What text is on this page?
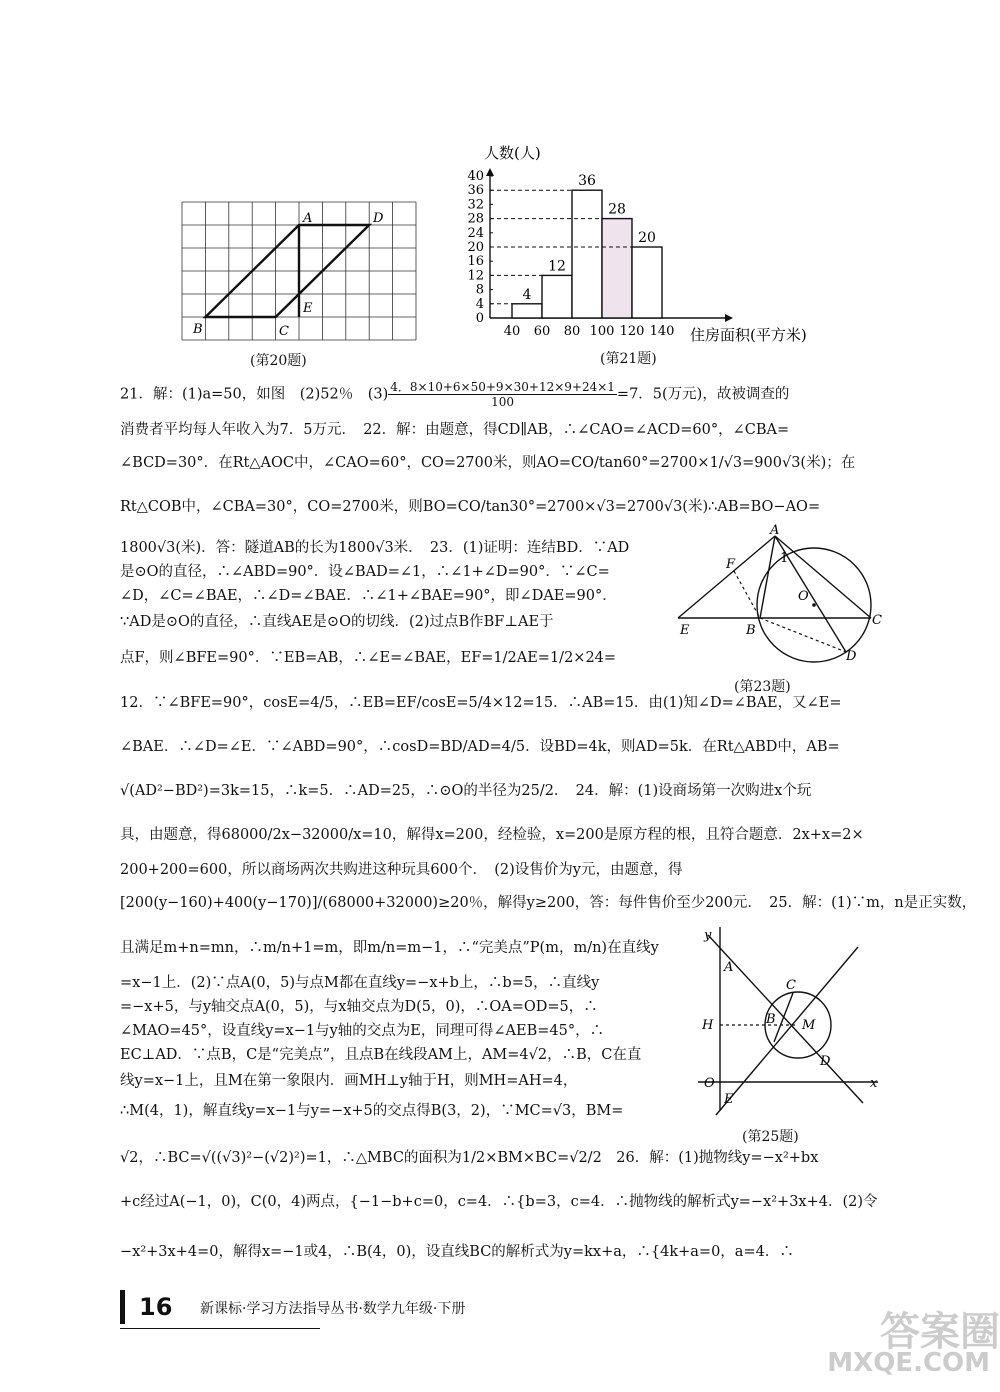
A	D
E
B	C
(第20题)
人数(人)
住房面积(平方米)
0
4
8
12
16
20
24
28
32
36
40
40 60 80 100 120 140
4
12
36
28
20
(第21题)
A
F	1
O
E	B
C
D
(第23题)
y
A
C
H	B M
D
O
E
x
(第25题)
21．解：(1)a=50，如图　(2)52％　$(3) \frac{4.8\times 10+6\times 50+9\times 30+12\times 9+24\times 1}{100} =7$．5(万元)，故被调查的
消费者平均每人年收入为7．5万元．　22．解：由题意，得CD∥AB，∴∠CAO=∠ACD=60°，∠CBA=
∠BCD=30°．在Rt△AOC中，∠CAO=60°，CO=2700米，则AO=CO/tan60°=2700×1/√3=900√3(米)；在
Rt△COB中，∠CBA=30°，CO=2700米，则BO=CO/tan30°=2700×√3=2700√3(米)∴AB=BO−AO=
1800√3(米)．答：隧道AB的长为1800√3米．　23．(1)证明：连结BD．∵AD
是⊙O的直径，∴∠ABD=90°．设∠BAD=∠1，∴∠1+∠D=90°．∵∠C=
∠D，∠C=∠BAE，∴∠D=∠BAE．∴∠1+∠BAE=90°，即∠DAE=90°．
∵AD是⊙O的直径，∴直线AE是⊙O的切线．(2)过点B作BF⊥AE于
点F，则∠BFE=90°．∵EB=AB，∴∠E=∠BAE，EF=1/2AE=1/2×24=
12．∵∠BFE=90°，cosE=4/5，∴EB=EF/cosE=5/4×12=15．∴AB=15．由(1)知∠D=∠BAE，又∠E=
∠BAE．∴∠D=∠E．∵∠ABD=90°，∴cosD=BD/AD=4/5．设BD=4k，则AD=5k．在Rt△ABD中，AB=
√(AD²−BD²)=3k=15，∴k=5．∴AD=25，∴⊙O的半径为25/2．　24．解：(1)设商场第一次购进x个玩
具，由题意，得68000/2x−32000/x=10，解得x=200，经检验，x=200是原方程的根，且符合题意．2x+x=2×
200+200=600，所以商场两次共购进这种玩具600个．　(2)设售价为y元，由题意，得
[200(y−160)+400(y−170)]/(68000+32000)≥20％，解得y≥200，答：每件售价至少200元．　25．解：(1)∵m，n是正实数，
且满足m+n=mn，∴m/n+1=m，即m/n=m−1，∴“完美点”P(m，m/n)在直线y
=x−1上．(2)∵点A(0，5)与点M都在直线y=−x+b上，∴b=5，∴直线y
=−x+5，与y轴交点A(0，5)，与x轴交点为D(5，0)，∴OA=OD=5，∴
∠MAO=45°，设直线y=x−1与y轴的交点为E，同理可得∠AEB=45°，∴
EC⊥AD．∵点B，C是“完美点”，且点B在线段AM上，AM=4√2，∴B，C在直
线y=x−1上，且M在第一象限内．画MH⊥y轴于H，则MH=AH=4，
∴M(4，1)，解直线y=x−1与y=−x+5的交点得B(3，2)，∵MC=√3，BM=
√2，∴BC=√((√3)²−(√2)²)=1，∴△MBC的面积为1/2×BM×BC=√2/2　26．解：(1)抛物线y=−x²+bx
+c经过A(−1，0)，C(0，4)两点，{−1−b+c=0，c=4．∴{b=3，c=4．∴抛物线的解析式y=−x²+3x+4．(2)令
−x²+3x+4=0，解得x=−1或4，∴B(4，0)，设直线BC的解析式为y=kx+a，∴{4k+a=0，a=4．∴
16 新课标·学习方法指导丛书·数学九年级·下册	答案圈
MXQE.COM
